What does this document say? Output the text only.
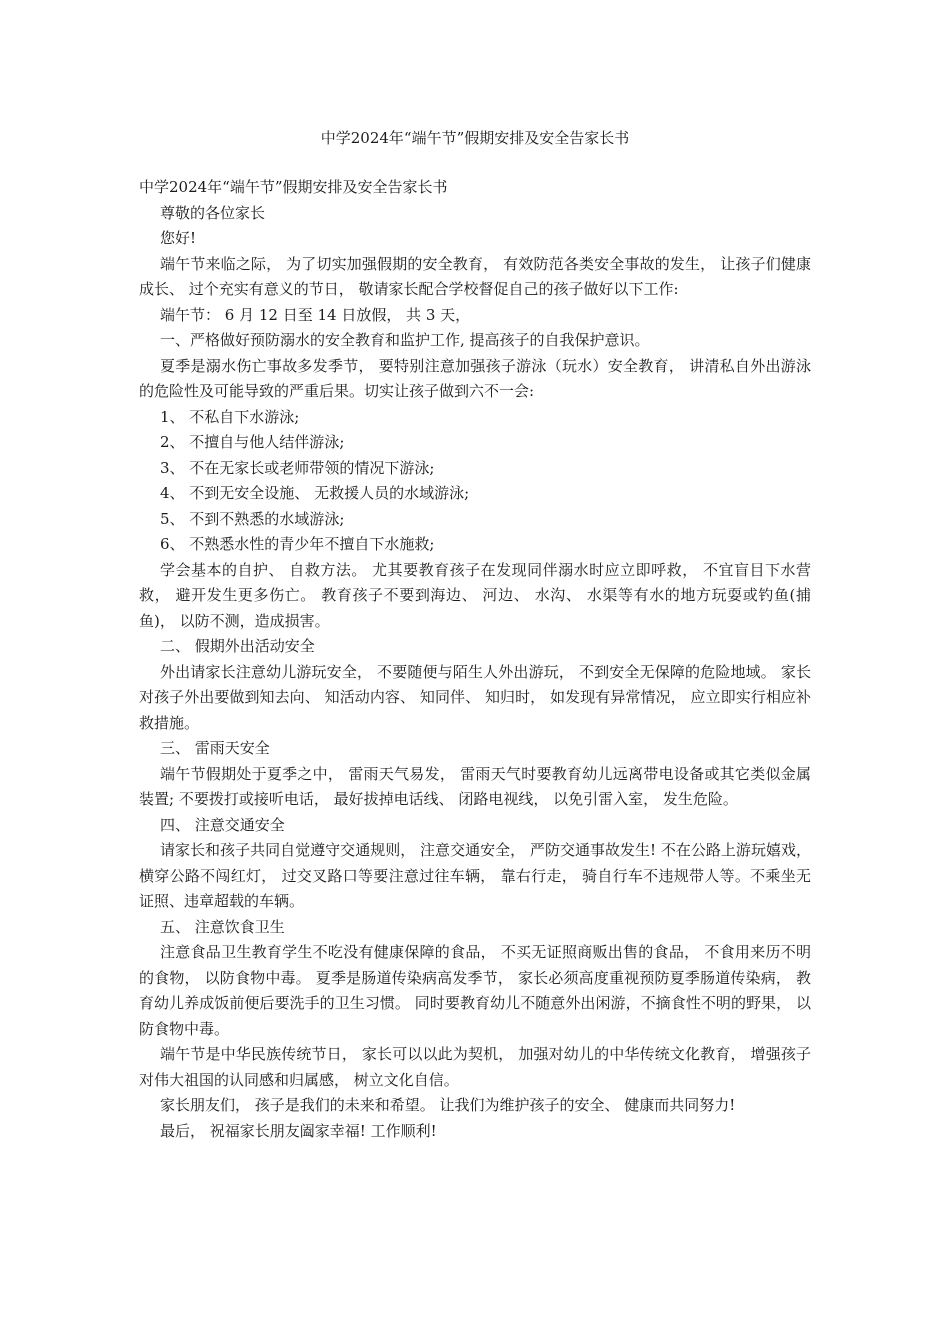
中学2024年“端午节”假期安排及安全告家长书

中学2024年“端午节”假期安排及安全告家长书

尊敬的各位家长

您好!

端午节来临之际， 为了切实加强假期的安全教育， 有效防范各类安全事故的发生， 让孩子们健康成长、 过个充实有意义的节日， 敬请家长配合学校督促自己的孩子做好以下工作:

端午节： 6 月 12 日至 14 日放假， 共 3 天，

一、严格做好预防溺水的安全教育和监护工作, 提高孩子的自我保护意识。

夏季是溺水伤亡事故多发季节， 要特别注意加强孩子游泳（玩水）安全教育， 讲清私自外出游泳的危险性及可能导致的严重后果。切实让孩子做到六不一会:

1、 不私自下水游泳;

2、 不擅自与他人结伴游泳;

3、 不在无家长或老师带领的情况下游泳;

4、 不到无安全设施、 无救援人员的水域游泳;

5、 不到不熟悉的水域游泳;

6、 不熟悉水性的青少年不擅自下水施救;

学会基本的自护、 自救方法。 尤其要教育孩子在发现同伴溺水时应立即呼救， 不宜盲目下水营救， 避开发生更多伤亡。 教育孩子不要到海边、 河边、 水沟、 水渠等有水的地方玩耍或钓鱼(捕鱼)， 以防不测，造成损害。

二、 假期外出活动安全

外出请家长注意幼儿游玩安全， 不要随便与陌生人外出游玩， 不到安全无保障的危险地域。 家长对孩子外出要做到知去向、 知活动内容、 知同伴、 知归时， 如发现有异常情况， 应立即实行相应补救措施。

三、 雷雨天安全

端午节假期处于夏季之中， 雷雨天气易发， 雷雨天气时要教育幼儿远离带电设备或其它类似金属装置; 不要拨打或接听电话， 最好拔掉电话线、 闭路电视线， 以免引雷入室， 发生危险。

四、 注意交通安全

请家长和孩子共同自觉遵守交通规则， 注意交通安全， 严防交通事故发生! 不在公路上游玩嬉戏， 横穿公路不闯红灯， 过交叉路口等要注意过往车辆， 靠右行走， 骑自行车不违规带人等。不乘坐无证照、违章超载的车辆。

五、 注意饮食卫生

注意食品卫生教育学生不吃没有健康保障的食品， 不买无证照商贩出售的食品， 不食用来历不明的食物， 以防食物中毒。 夏季是肠道传染病高发季节， 家长必须高度重视预防夏季肠道传染病， 教育幼儿养成饭前便后要洗手的卫生习惯。 同时要教育幼儿不随意外出闲游，不摘食性不明的野果， 以防食物中毒。

端午节是中华民族传统节日， 家长可以以此为契机， 加强对幼儿的中华传统文化教育， 增强孩子对伟大祖国的认同感和归属感， 树立文化自信。

家长朋友们， 孩子是我们的未来和希望。 让我们为维护孩子的安全、 健康而共同努力!

最后， 祝福家长朋友阖家幸福! 工作顺利!
